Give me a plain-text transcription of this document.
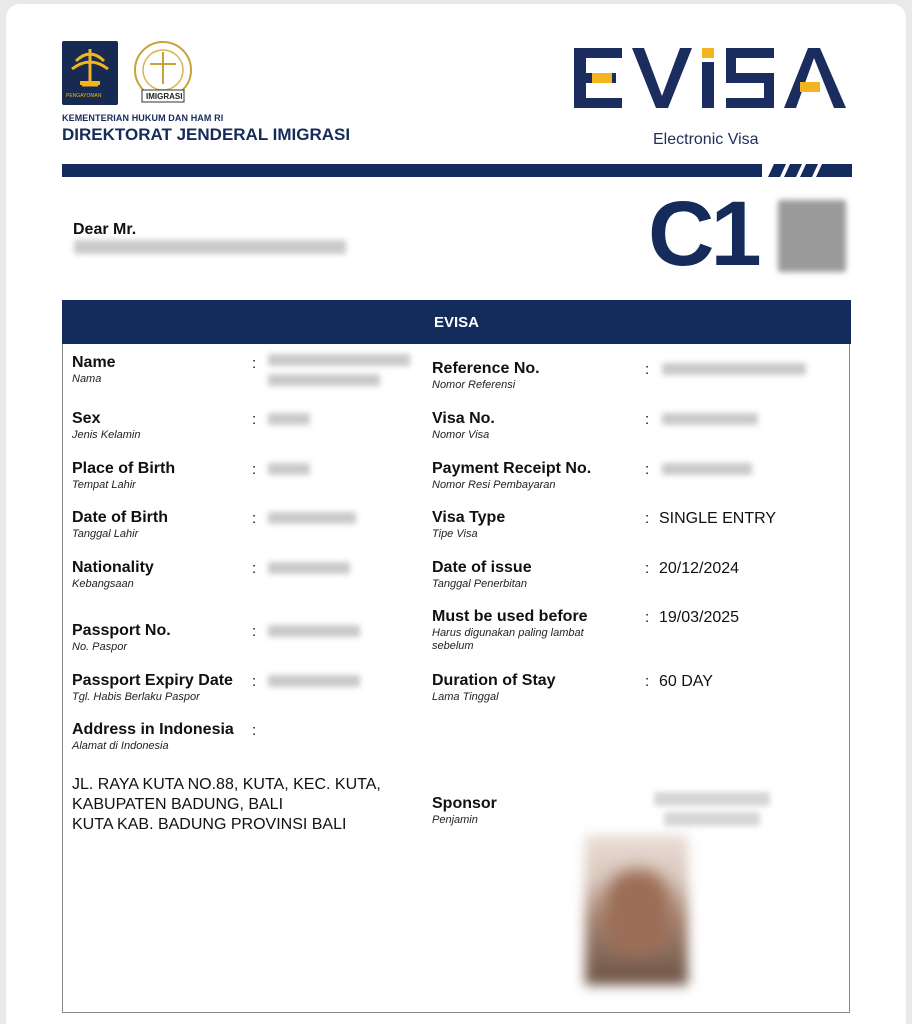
PENGAYOMAN	IMIGRASI
KEMENTERIAN HUKUM DAN HAM RI
DIREKTORAT JENDERAL IMIGRASI
EVISA
Electronic Visa
Dear Mr.	C1
EVISA
Name
Nama
Sex
Jenis Kelamin
Place of Birth
Tempat Lahir
Date of Birth
Tanggal Lahir
Nationality
Kebangsaan
Passport No.
No. Paspor
Passport Expiry Date
Tgl. Habis Berlaku Paspor
Address in Indonesia
Alamat di Indonesia
:
:
:
:
:
:
:
:
JL. RAYA KUTA NO.88, KUTA, KEC. KUTA,
KABUPATEN BADUNG, BALI
KUTA KAB. BADUNG PROVINSI BALI
Reference No.
Nomor Referensi
Visa No.
Nomor Visa
Payment Receipt No.
Nomor Resi Pembayaran
Visa Type
Tipe Visa
Date of issue
Tanggal Penerbitan
Must be used before
Harus digunakan paling lambat sebelum
Duration of Stay
Lama Tinggal
Sponsor
Penjamin
:
:
:
:
:
:
:
SINGLE ENTRY
20/12/2024
19/03/2025
60 DAY
